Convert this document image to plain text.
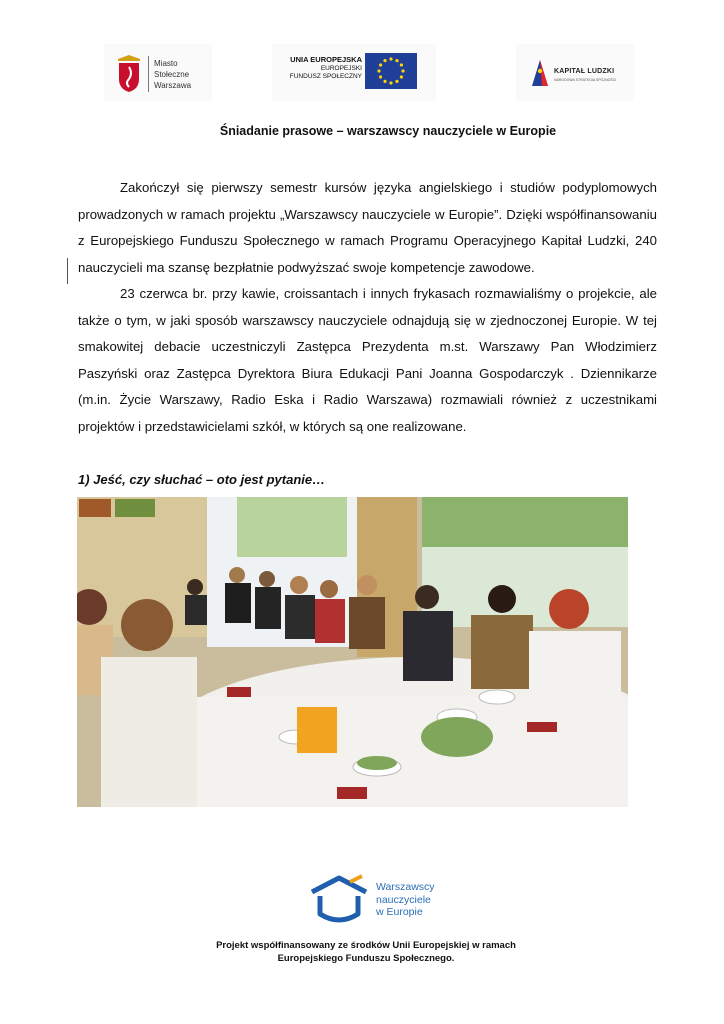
Miasto
Stołeczne
Warszawa
UNIA EUROPEJSKA
EUROPEJSKI
FUNDUSZ SPOŁECZNY
KAPITAŁ LUDZKI
NARODOWA STRATEGIA SPÓJNOŚCI
Śniadanie prasowe – warszawscy nauczyciele w Europie

Zakończył się pierwszy semestr kursów języka angielskiego i studiów podyplomowych prowadzonych w ramach projektu „Warszawscy nauczyciele w Europie”. Dzięki współfinansowaniu z Europejskiego Funduszu Społecznego w ramach Programu Operacyjnego Kapitał Ludzki, 240 nauczycieli ma szansę bezpłatnie podwyższać swoje kompetencje zawodowe.

23 czerwca br. przy kawie, croissantach i innych frykasach rozmawialiśmy o projekcie, ale także o tym, w jaki sposób warszawscy nauczyciele odnajdują się w zjednoczonej Europie. W tej smakowitej debacie uczestniczyli Zastępca Prezydenta m.st. Warszawy Pan Włodzimierz Paszyński oraz Zastępca Dyrektora Biura Edukacji Pani Joanna Gospodarczyk . Dziennikarze (m.in. Życie Warszawy, Radio Eska i Radio Warszawa) rozmawiali również z uczestnikami projektów i przedstawicielami szkół, w których są one realizowane.

1) Jeść, czy słuchać – oto jest pytanie…
Warszawscy
nauczyciele
w Europie
Projekt współfinansowany ze środków Unii Europejskiej w ramach
Europejskiego Funduszu Społecznego.
